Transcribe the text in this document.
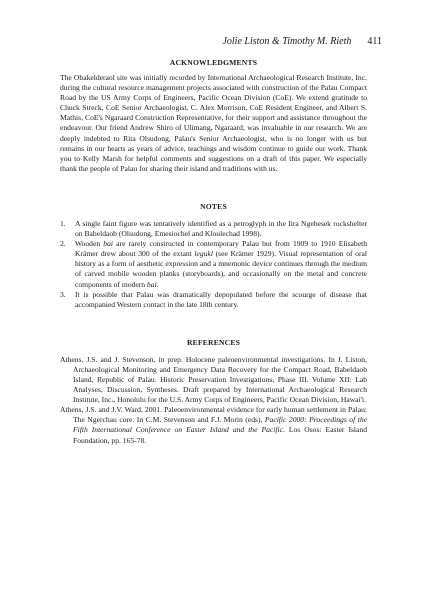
Jolie Liston & Timothy M. Rieth 411
ACKNOWLEDGMENTS

The Obakelderaol site was initially recorded by International Archaeological Research Institute, Inc. during the cultural resource management projects associated with construction of the Palau Compact Road by the US Army Corps of Engineers, Pacific Ocean Division (CoE). We extend gratitude to Chuck Streck, CoE Senior Archaeologist, C. Alex Morrison, CoE Resident Engineer, and Albert S. Mathis, CoE's Ngaraard Construction Representative, for their support and assistance throughout the endeavour. Our friend Andrew Shiro of Ulimang, Ngaraard, was invaluable in our research. We are deeply indebted to Rita Olsudong, Palau's Senior Archaeologist, who is no longer with us but remains in our hearts as years of advice, teachings and wisdom continue to guide our work. Thank you to Kelly Marsh for helpful comments and suggestions on a draft of this paper. We especially thank the people of Palau for sharing their island and traditions with us.

NOTES
1. A single faint figure was tentatively identified as a petroglyph in the Iira Ngebesek rockshelter on Babeldaob (Olsudong, Emesiochel and Kloulechad 1998).
2. Wooden bai are rarely constructed in contemporary Palau but from 1909 to 1910 Elisabeth Krämer drew about 300 of the extant legukl (see Krämer 1929). Visual representation of oral history as a form of aesthetic expression and a mnemonic device continues through the medium of carved mobile wooden planks (storyboards), and occasionally on the metal and concrete components of modern bai.
3. It is possible that Palau was dramatically depopulated before the scourge of disease that accompanied Western contact in the late 18th century.
REFERENCES

Athens, J.S. and J. Stevenson, in prep. Holocene paleoenvironmental investigations. In J. Liston, Archaeological Monitoring and Emergency Data Recovery for the Compact Road, Babeldaob Island, Republic of Palau. Historic Preservation Investigations, Phase III. Volume XII: Lab Analyses, Discussion, Syntheses. Draft prepared by International Archaeological Research Institute, Inc., Honolulu for the U.S. Army Corps of Engineers, Pacific Ocean Division, Hawai'i.

Athens, J.S. and J.V. Ward, 2001. Paleoenvironmental evidence for early human settlement in Palau: The Ngerchau core. In C.M. Stevenson and F.J. Morin (eds), Pacific 2000: Proceedings of the Fifth International Conference on Easter Island and the Pacific. Los Osos: Easter Island Foundation, pp. 165-78.
